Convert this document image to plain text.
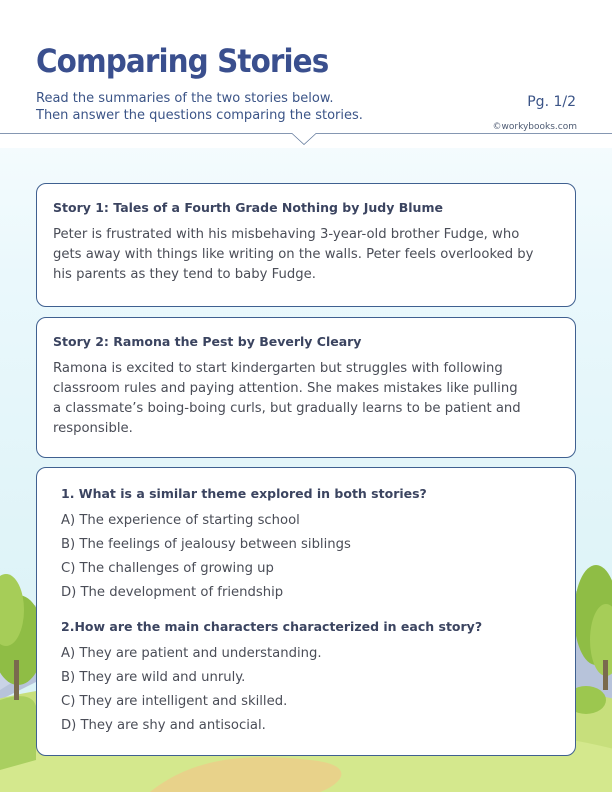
Comparing Stories
Read the summaries of the two stories below.
Then answer the questions comparing the stories.
Pg. 1/2
©workybooks.com

Story 1: Tales of a Fourth Grade Nothing by Judy Blume

Peter is frustrated with his misbehaving 3-year-old brother Fudge, who
gets away with things like writing on the walls. Peter feels overlooked by
his parents as they tend to baby Fudge.

Story 2: Ramona the Pest by Beverly Cleary

Ramona is excited to start kindergarten but struggles with following
classroom rules and paying attention. She makes mistakes like pulling
a classmate’s boing-boing curls, but gradually learns to be patient and
responsible.

1. What is a similar theme explored in both stories?

A) The experience of starting school
B) The feelings of jealousy between siblings
C) The challenges of growing up
D) The development of friendship

2.How are the main characters characterized in each story?

A) They are patient and understanding.
B) They are wild and unruly.
C) They are intelligent and skilled.
D) They are shy and antisocial.
